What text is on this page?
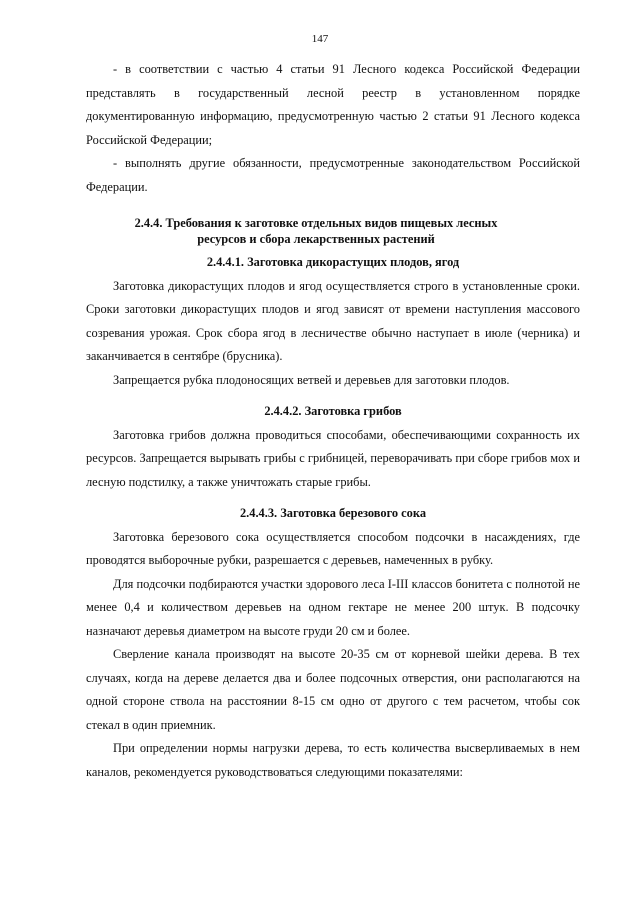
147

- в соответствии с частью 4 статьи 91 Лесного кодекса Российской Федерации представлять в государственный лесной реестр в установленном порядке документированную информацию, предусмотренную частью 2 статьи 91 Лесного кодекса Российской Федерации;

- выполнять другие обязанности, предусмотренные законодательством Российской Федерации.

2.4.4. Требования к заготовке отдельных видов пищевых лесных
ресурсов и сбора лекарственных растений
2.4.4.1. Заготовка дикорастущих плодов, ягод

Заготовка дикорастущих плодов и ягод осуществляется строго в установленные сроки. Сроки заготовки дикорастущих плодов и ягод зависят от времени наступления массового созревания урожая. Срок сбора ягод в лесничестве обычно наступает в июле (черника) и заканчивается в сентябре (брусника).

Запрещается рубка плодоносящих ветвей и деревьев для заготовки плодов.

2.4.4.2. Заготовка грибов

Заготовка грибов должна проводиться способами, обеспечивающими сохранность их ресурсов. Запрещается вырывать грибы с грибницей, переворачивать при сборе грибов мох и лесную подстилку, а также уничтожать старые грибы.

2.4.4.3. Заготовка березового сока

Заготовка березового сока осуществляется способом подсочки в насаждениях, где проводятся выборочные рубки, разрешается с деревьев, намеченных в рубку.

Для подсочки подбираются участки здорового леса I-III классов бонитета с полнотой не менее 0,4 и количеством деревьев на одном гектаре не менее 200 штук. В подсочку назначают деревья диаметром на высоте груди 20 см и более.

Сверление канала производят на высоте 20-35 см от корневой шейки дерева. В тех случаях, когда на дереве делается два и более подсочных отверстия, они располагаются на одной стороне ствола на расстоянии 8-15 см одно от другого с тем расчетом, чтобы сок стекал в один приемник.

При определении нормы нагрузки дерева, то есть количества высверливаемых в нем каналов, рекомендуется руководствоваться следующими показателями:
